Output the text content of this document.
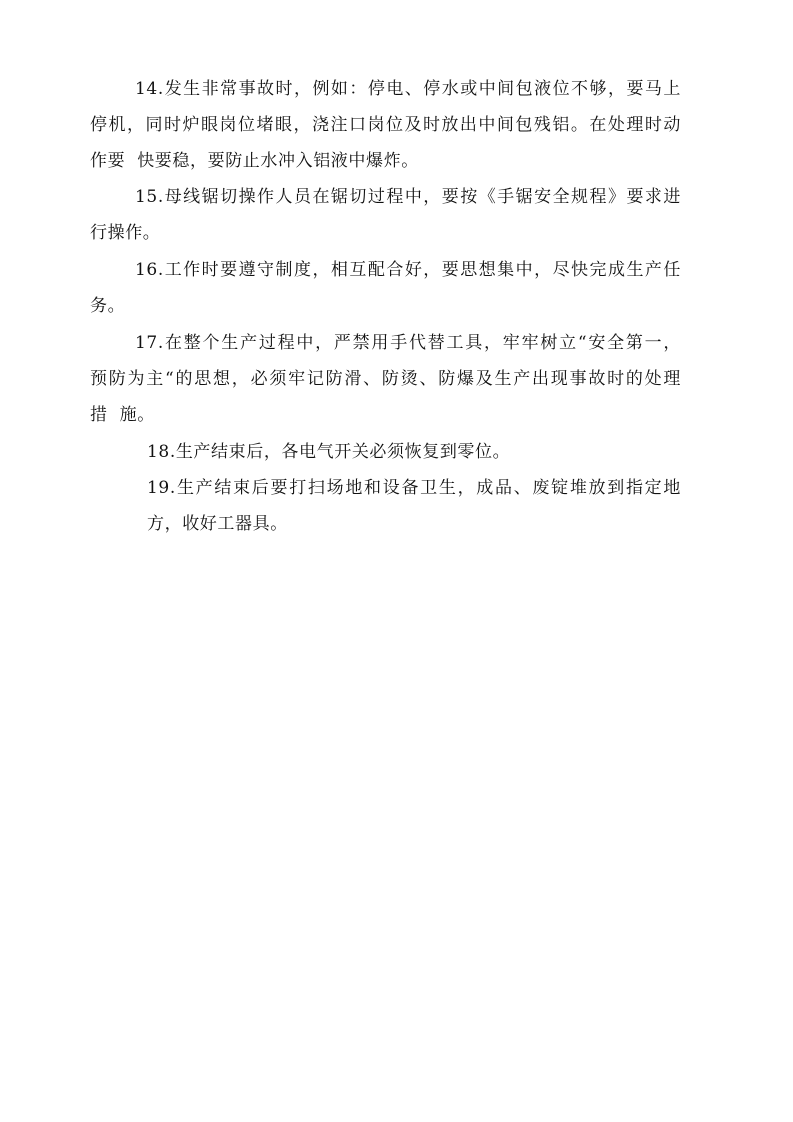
14.发生非常事故时，例如：停电、停水或中间包液位不够，要马上
停机，同时炉眼岗位堵眼，浇注口岗位及时放出中间包残铝。在处理时动
作要  快要稳，要防止水冲入铝液中爆炸。
15.母线锯切操作人员在锯切过程中，要按《手锯安全规程》要求进
行操作。
16.工作时要遵守制度，相互配合好，要思想集中，尽快完成生产任
务。
17.在整个生产过程中，严禁用手代替工具，牢牢树立“安全第一，
预防为主“的思想，必须牢记防滑、防烫、防爆及生产出现事故时的处理
措  施。
18.生产结束后，各电气开关必须恢复到零位。
19.生产结束后要打扫场地和设备卫生，成品、废锭堆放到指定地
方，收好工器具。
